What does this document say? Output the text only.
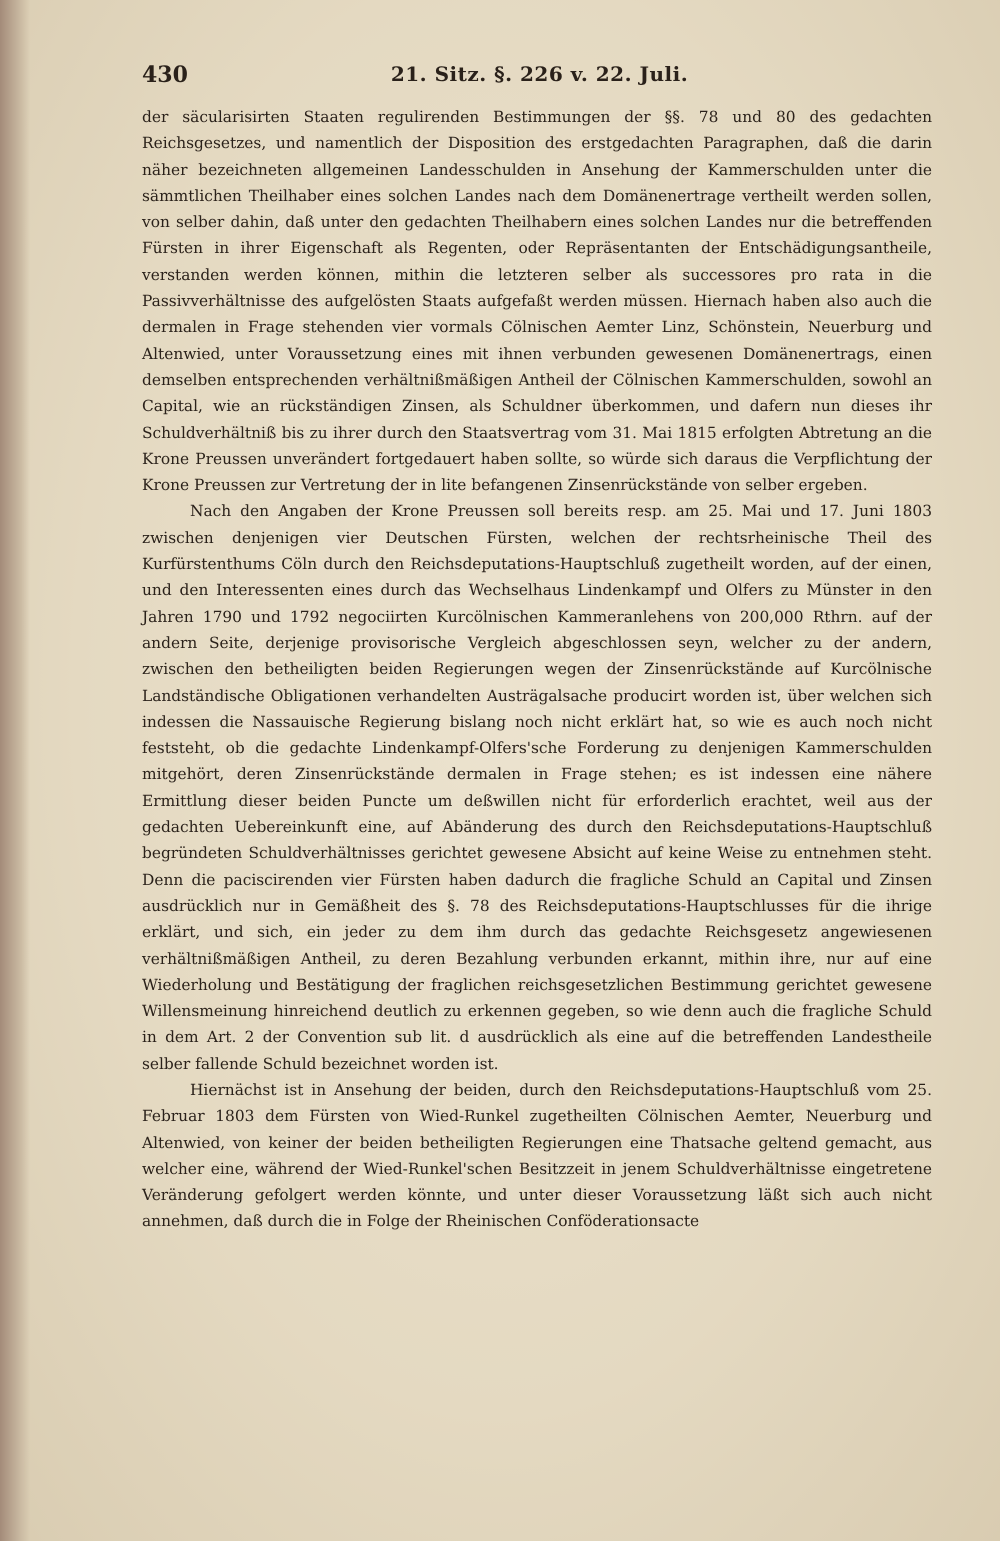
430	21. Sitz. §. 226 v. 22. Juli.

der säcularisirten Staaten regulirenden Bestimmungen der §§. 78 und 80 des gedachten Reichsgesetzes, und namentlich der Disposition des erstgedachten Paragraphen, daß die darin näher bezeichneten allgemeinen Landesschulden in Ansehung der Kammerschulden unter die sämmtlichen Theilhaber eines solchen Landes nach dem Domänenertrage vertheilt werden sollen, von selber dahin, daß unter den gedachten Theilhabern eines solchen Landes nur die betreffenden Fürsten in ihrer Eigenschaft als Regenten, oder Repräsentanten der Entschädigungsantheile, verstanden werden können, mithin die letzteren selber als successores pro rata in die Passivverhältnisse des aufgelösten Staats aufgefaßt werden müssen. Hiernach haben also auch die dermalen in Frage stehenden vier vormals Cölnischen Aemter Linz, Schönstein, Neuerburg und Altenwied, unter Voraussetzung eines mit ihnen verbunden gewesenen Domänenertrags, einen demselben entsprechenden verhältnißmäßigen Antheil der Cölnischen Kammerschulden, sowohl an Capital, wie an rückständigen Zinsen, als Schuldner überkommen, und dafern nun dieses ihr Schuldverhältniß bis zu ihrer durch den Staatsvertrag vom 31. Mai 1815 erfolgten Abtretung an die Krone Preussen unverändert fortgedauert haben sollte, so würde sich daraus die Verpflichtung der Krone Preussen zur Vertretung der in lite befangenen Zinsenrückstände von selber ergeben.

Nach den Angaben der Krone Preussen soll bereits resp. am 25. Mai und 17. Juni 1803 zwischen denjenigen vier Deutschen Fürsten, welchen der rechtsrheinische Theil des Kurfürstenthums Cöln durch den Reichsdeputations-Hauptschluß zugetheilt worden, auf der einen, und den Interessenten eines durch das Wechselhaus Lindenkampf und Olfers zu Münster in den Jahren 1790 und 1792 negociirten Kurcölnischen Kammeranlehens von 200,000 Rthrn. auf der andern Seite, derjenige provisorische Vergleich abgeschlossen seyn, welcher zu der andern, zwischen den betheiligten beiden Regierungen wegen der Zinsenrückstände auf Kurcölnische Landständische Obligationen verhandelten Austrägalsache producirt worden ist, über welchen sich indessen die Nassauische Regierung bislang noch nicht erklärt hat, so wie es auch noch nicht feststeht, ob die gedachte Lindenkampf-Olfers'sche Forderung zu denjenigen Kammerschulden mitgehört, deren Zinsenrückstände dermalen in Frage stehen; es ist indessen eine nähere Ermittlung dieser beiden Puncte um deßwillen nicht für erforderlich erachtet, weil aus der gedachten Uebereinkunft eine, auf Abänderung des durch den Reichsdeputations-Hauptschluß begründeten Schuldverhältnisses gerichtet gewesene Absicht auf keine Weise zu entnehmen steht. Denn die paciscirenden vier Fürsten haben dadurch die fragliche Schuld an Capital und Zinsen ausdrücklich nur in Gemäßheit des §. 78 des Reichsdeputations-Hauptschlusses für die ihrige erklärt, und sich, ein jeder zu dem ihm durch das gedachte Reichsgesetz angewiesenen verhältnißmäßigen Antheil, zu deren Bezahlung verbunden erkannt, mithin ihre, nur auf eine Wiederholung und Bestätigung der fraglichen reichsgesetzlichen Bestimmung gerichtet gewesene Willensmeinung hinreichend deutlich zu erkennen gegeben, so wie denn auch die fragliche Schuld in dem Art. 2 der Convention sub lit. d ausdrücklich als eine auf die betreffenden Landestheile selber fallende Schuld bezeichnet worden ist.

Hiernächst ist in Ansehung der beiden, durch den Reichsdeputations-Hauptschluß vom 25. Februar 1803 dem Fürsten von Wied-Runkel zugetheilten Cölnischen Aemter, Neuerburg und Altenwied, von keiner der beiden betheiligten Regierungen eine Thatsache geltend gemacht, aus welcher eine, während der Wied-Runkel'schen Besitzzeit in jenem Schuldverhältnisse eingetretene Veränderung gefolgert werden könnte, und unter dieser Voraussetzung läßt sich auch nicht annehmen, daß durch die in Folge der Rheinischen Conföderationsacte
